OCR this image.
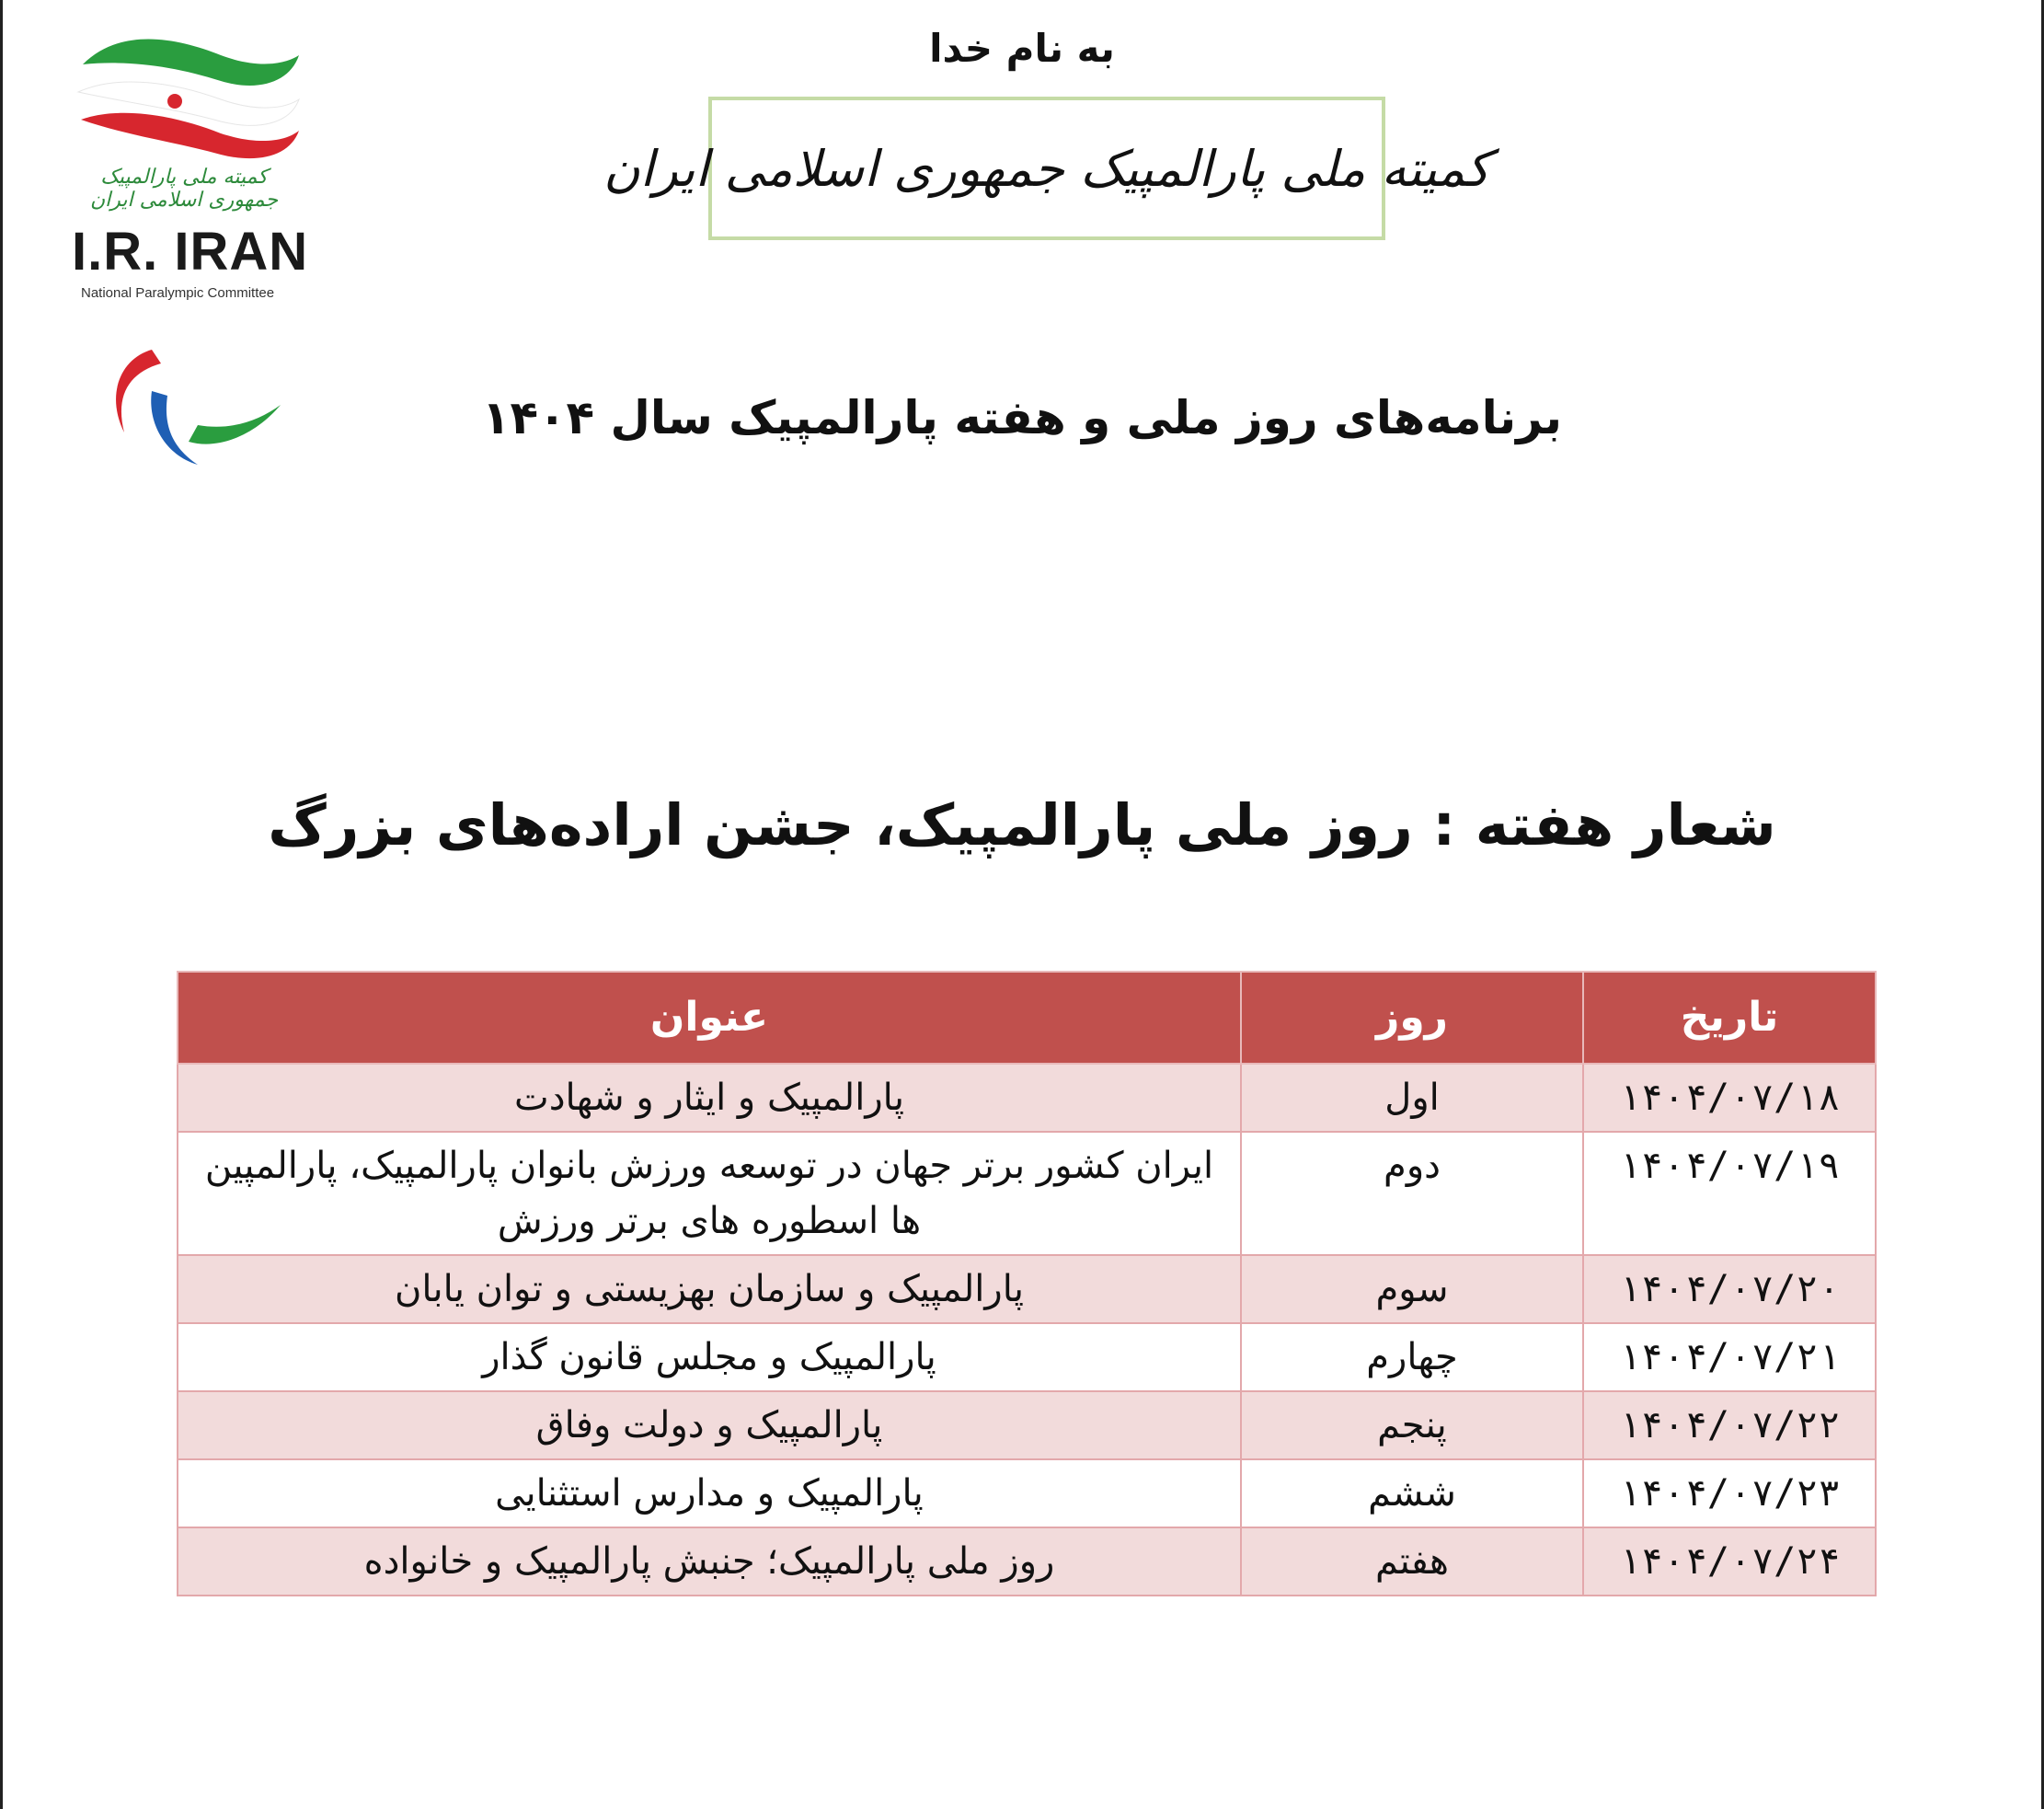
کمیته ملی پارالمپیک جمهوری اسلامی ایران
I.R. IRAN
National Paralympic Committee
به نام خدا
کمیته ملی پارالمپیک جمهوری اسلامی ایران
برنامه‌های روز ملی و هفته پارالمپیک سال ۱۴۰۴
شعار هفته : روز ملی پارالمپیک، جشن اراده‌های بزرگ
تاریخ	روز	عنوان
۱۴۰۴/۰۷/۱۸	اول	پارالمپیک و ایثار و شهادت
۱۴۰۴/۰۷/۱۹	دوم	ایران کشور برتر جهان در توسعه ورزش بانوان پارالمپیک، پارالمپین ها اسطوره های برتر ورزش
۱۴۰۴/۰۷/۲۰	سوم	پارالمپیک و سازمان بهزیستی و توان یابان
۱۴۰۴/۰۷/۲۱	چهارم	پارالمپیک و مجلس قانون گذار
۱۴۰۴/۰۷/۲۲	پنجم	پارالمپیک و دولت وفاق
۱۴۰۴/۰۷/۲۳	ششم	پارالمپیک و مدارس استثنایی
۱۴۰۴/۰۷/۲۴	هفتم	روز ملی پارالمپیک؛ جنبش پارالمپیک و خانواده
